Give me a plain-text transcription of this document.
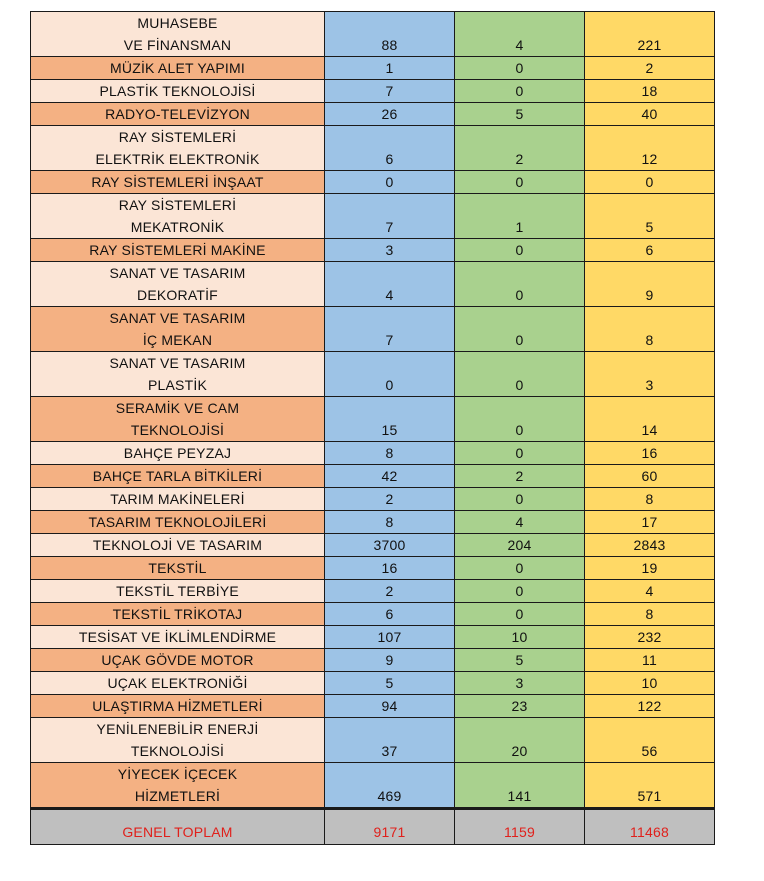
MUHASEBE
VE FİNANSMAN	88	4	221

MÜZİK ALET YAPIMI	1	0	2

PLASTİK TEKNOLOJİSİ	7	0	18

RADYO-TELEVİZYON	26	5	40

RAY SİSTEMLERİ
ELEKTRİK ELEKTRONİK	6	2	12

RAY SİSTEMLERİ İNŞAAT	0	0	0

RAY SİSTEMLERİ
MEKATRONİK	7	1	5

RAY SİSTEMLERİ MAKİNE	3	0	6

SANAT VE TASARIM
DEKORATİF	4	0	9

SANAT VE TASARIM
İÇ MEKAN	7	0	8

SANAT VE TASARIM
PLASTİK	0	0	3

SERAMİK VE CAM
TEKNOLOJİSİ	15	0	14

BAHÇE PEYZAJ	8	0	16

BAHÇE TARLA BİTKİLERİ	42	2	60

TARIM MAKİNELERİ	2	0	8

TASARIM TEKNOLOJİLERİ	8	4	17

TEKNOLOJİ VE TASARIM	3700	204	2843

TEKSTİL	16	0	19

TEKSTİL TERBİYE	2	0	4

TEKSTİL TRİKOTAJ	6	0	8

TESİSAT VE İKLİMLENDİRME	107	10	232

UÇAK GÖVDE MOTOR	9	5	11

UÇAK ELEKTRONİĞİ	5	3	10

ULAŞTIRMA HİZMETLERİ	94	23	122

YENİLENEBİLİR ENERJİ
TEKNOLOJİSİ	37	20	56

YİYECEK İÇECEK
HİZMETLERİ	469	141	571
GENEL TOPLAM	9171	1159	11468
